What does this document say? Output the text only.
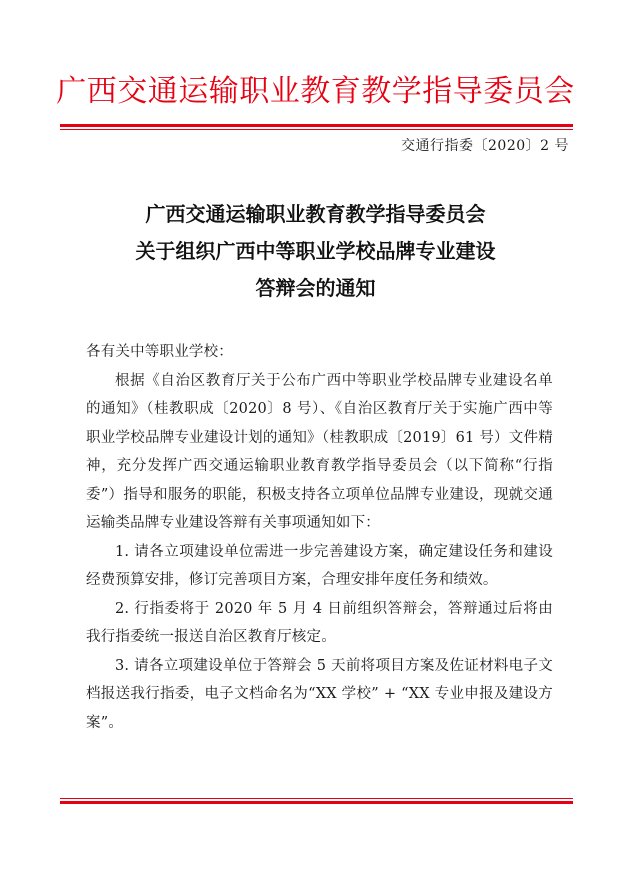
广西交通运输职业教育教学指导委员会
交通行指委〔2020〕2 号
广西交通运输职业教育教学指导委员会
关于组织广西中等职业学校品牌专业建设
答辩会的通知

各有关中等职业学校：

根据《自治区教育厅关于公布广西中等职业学校品牌专业建设名单的通知》（桂教职成〔2020〕8 号）、《自治区教育厅关于实施广西中等职业学校品牌专业建设计划的通知》（桂教职成〔2019〕61 号）文件精神，充分发挥广西交通运输职业教育教学指导委员会（以下简称“行指委”）指导和服务的职能，积极支持各立项单位品牌专业建设，现就交通运输类品牌专业建设答辩有关事项通知如下：

1. 请各立项建设单位需进一步完善建设方案，确定建设任务和建设经费预算安排，修订完善项目方案，合理安排年度任务和绩效。

2. 行指委将于 2020 年 5 月 4 日前组织答辩会，答辩通过后将由我行指委统一报送自治区教育厅核定。

3. 请各立项建设单位于答辩会 5 天前将项目方案及佐证材料电子文档报送我行指委，电子文档命名为“XX 学校” + “XX 专业申报及建设方案”。
